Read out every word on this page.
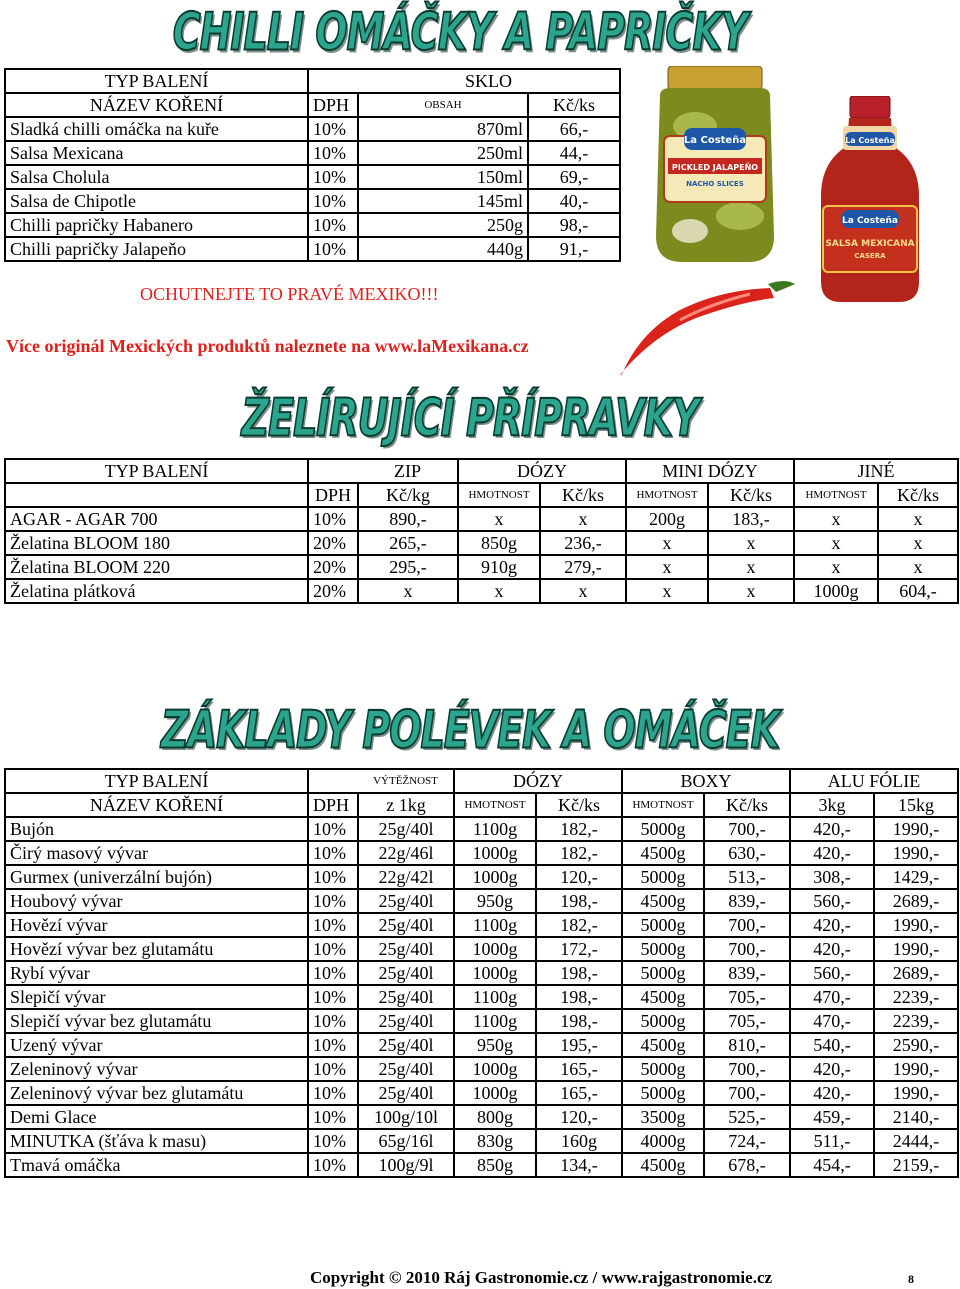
CHILLI OMÁČKY A PAPRIČKY
ŽELÍRUJÍCÍ PŘÍPRAVKY
ZÁKLADY POLÉVEK A OMÁČEK
TYP BALENÍ		SKLO	
NÁZEV KOŘENÍ	DPH	OBSAH	Kč/ks
Sladká chilli omáčka na kuře	10%	870ml	66,-
Salsa Mexicana	10%	250ml	44,-
Salsa Cholula	10%	150ml	69,-
Salsa de Chipotle	10%	145ml	40,-
Chilli papričky Habanero	10%	250g	98,-
Chilli papričky Jalapeňo	10%	440g	91,-
OCHUTNEJTE TO PRAVÉ MEXIKO!!!
Více originál Mexických produktů naleznete na www.laMexikana.cz
La Costeña
PICKLED JALAPEÑO
NACHO SLICES
La Costeña
La Costeña
SALSA MEXICANA
CASERA
TYP BALENÍ		ZIP	DÓZY		MINI DÓZY		JINÉ	
	DPH	Kč/kg	HMOTNOST	Kč/ks	HMOTNOST	Kč/ks	HMOTNOST	Kč/ks
AGAR - AGAR 700	10%	890,-	x	x	200g	183,-	x	x
Želatina BLOOM 180	20%	265,-	850g	236,-	x	x	x	x
Želatina BLOOM 220	20%	295,-	910g	279,-	x	x	x	x
Želatina plátková	20%	x	x	x	x	x	1000g	604,-
TYP BALENÍ		VÝTĚŽNOST	DÓZY		BOXY		ALU FÓLIE	
NÁZEV KOŘENÍ	DPH	z 1kg	HMOTNOST	Kč/ks	HMOTNOST	Kč/ks	3kg	15kg
Bujón	10%	25g/40l	1100g	182,-	5000g	700,-	420,-	1990,-
Čirý masový vývar	10%	22g/46l	1000g	182,-	4500g	630,-	420,-	1990,-
Gurmex (univerzální bujón)	10%	22g/42l	1000g	120,-	5000g	513,-	308,-	1429,-
Houbový vývar	10%	25g/40l	950g	198,-	4500g	839,-	560,-	2689,-
Hovězí vývar	10%	25g/40l	1100g	182,-	5000g	700,-	420,-	1990,-
Hovězí vývar bez glutamátu	10%	25g/40l	1000g	172,-	5000g	700,-	420,-	1990,-
Rybí vývar	10%	25g/40l	1000g	198,-	5000g	839,-	560,-	2689,-
Slepičí vývar	10%	25g/40l	1100g	198,-	4500g	705,-	470,-	2239,-
Slepičí vývar bez glutamátu	10%	25g/40l	1100g	198,-	5000g	705,-	470,-	2239,-
Uzený vývar	10%	25g/40l	950g	195,-	4500g	810,-	540,-	2590,-
Zeleninový vývar	10%	25g/40l	1000g	165,-	5000g	700,-	420,-	1990,-
Zeleninový vývar bez glutamátu	10%	25g/40l	1000g	165,-	5000g	700,-	420,-	1990,-
Demi Glace	10%	100g/10l	800g	120,-	3500g	525,-	459,-	2140,-
MINUTKA (šťáva k masu)	10%	65g/16l	830g	160g	4000g	724,-	511,-	2444,-
Tmavá omáčka	10%	100g/9l	850g	134,-	4500g	678,-	454,-	2159,-
Copyright © 2010 Ráj Gastronomie.cz / www.rajgastronomie.cz	8
